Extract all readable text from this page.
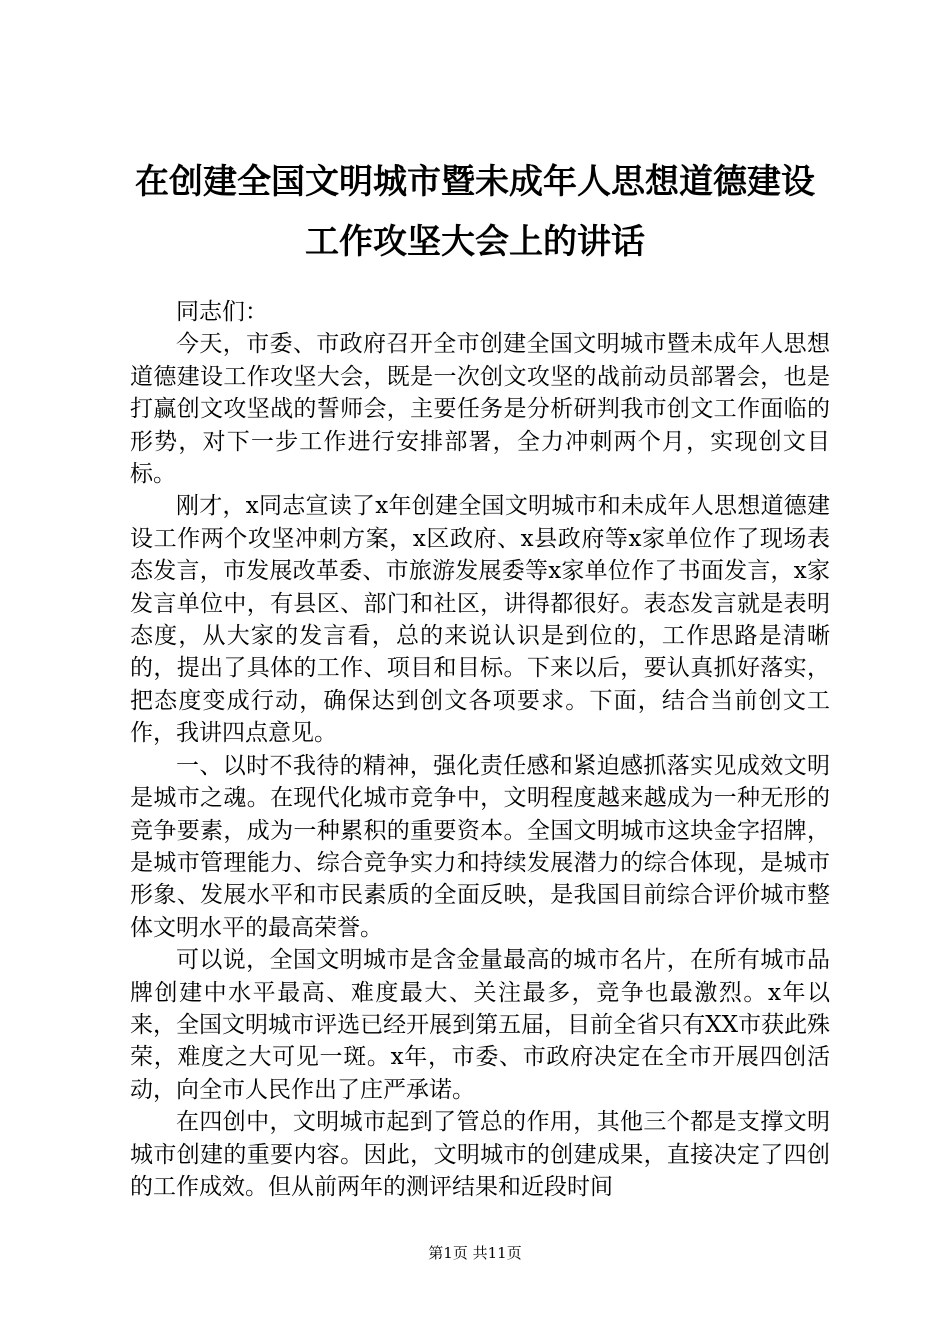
在创建全国文明城市暨未成年人思想道德建设
工作攻坚大会上的讲话

同志们：

今天，市委、市政府召开全市创建全国文明城市暨未成年人思想道德建设工作攻坚大会，既是一次创文攻坚的战前动员部署会，也是打赢创文攻坚战的誓师会，主要任务是分析研判我市创文工作面临的形势，对下一步工作进行安排部署，全力冲刺两个月，实现创文目标。

刚才，x同志宣读了x年创建全国文明城市和未成年人思想道德建设工作两个攻坚冲刺方案，x区政府、x县政府等x家单位作了现场表态发言，市发展改革委、市旅游发展委等x家单位作了书面发言，x家发言单位中，有县区、部门和社区，讲得都很好。表态发言就是表明态度，从大家的发言看，总的来说认识是到位的，工作思路是清晰的，提出了具体的工作、项目和目标。下来以后，要认真抓好落实，把态度变成行动，确保达到创文各项要求。下面，结合当前创文工作，我讲四点意见。

一、以时不我待的精神，强化责任感和紧迫感抓落实见成效文明是城市之魂。在现代化城市竞争中，文明程度越来越成为一种无形的竞争要素，成为一种累积的重要资本。全国文明城市这块金字招牌，是城市管理能力、综合竞争实力和持续发展潜力的综合体现，是城市形象、发展水平和市民素质的全面反映，是我国目前综合评价城市整体文明水平的最高荣誉。

可以说，全国文明城市是含金量最高的城市名片，在所有城市品牌创建中水平最高、难度最大、关注最多，竞争也最激烈。x年以来，全国文明城市评选已经开展到第五届，目前全省只有XX市获此殊荣，难度之大可见一斑。x年，市委、市政府决定在全市开展四创活动，向全市人民作出了庄严承诺。

在四创中，文明城市起到了管总的作用，其他三个都是支撑文明城市创建的重要内容。因此，文明城市的创建成果，直接决定了四创的工作成效。但从前两年的测评结果和近段时间

第1页 共11页
